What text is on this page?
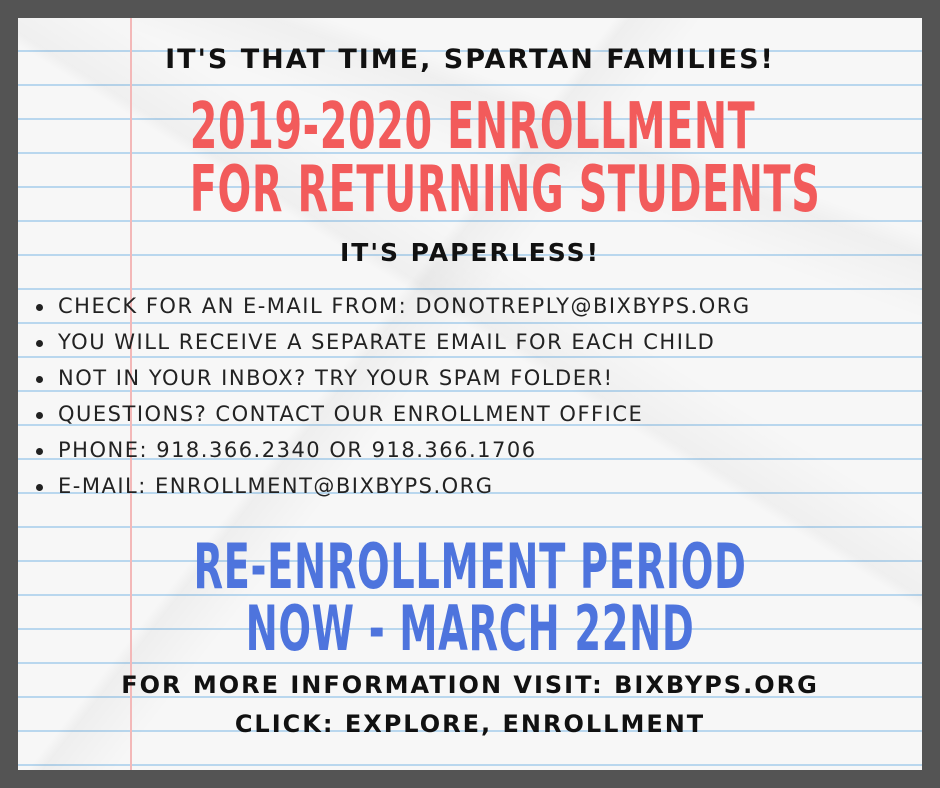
IT'S THAT TIME, SPARTAN FAMILIES!
2019-2020 ENROLLMENT
FOR RETURNING STUDENTS
IT'S PAPERLESS!
CHECK FOR AN E-MAIL FROM: DONOTREPLY@BIXBYPS.ORG
YOU WILL RECEIVE A SEPARATE EMAIL FOR EACH CHILD
NOT IN YOUR INBOX? TRY YOUR SPAM FOLDER!
QUESTIONS? CONTACT OUR ENROLLMENT OFFICE
PHONE: 918.366.2340 OR 918.366.1706
E-MAIL: ENROLLMENT@BIXBYPS.ORG
RE-ENROLLMENT PERIOD
NOW - MARCH 22ND
FOR MORE INFORMATION VISIT: BIXBYPS.ORG
CLICK: EXPLORE, ENROLLMENT
